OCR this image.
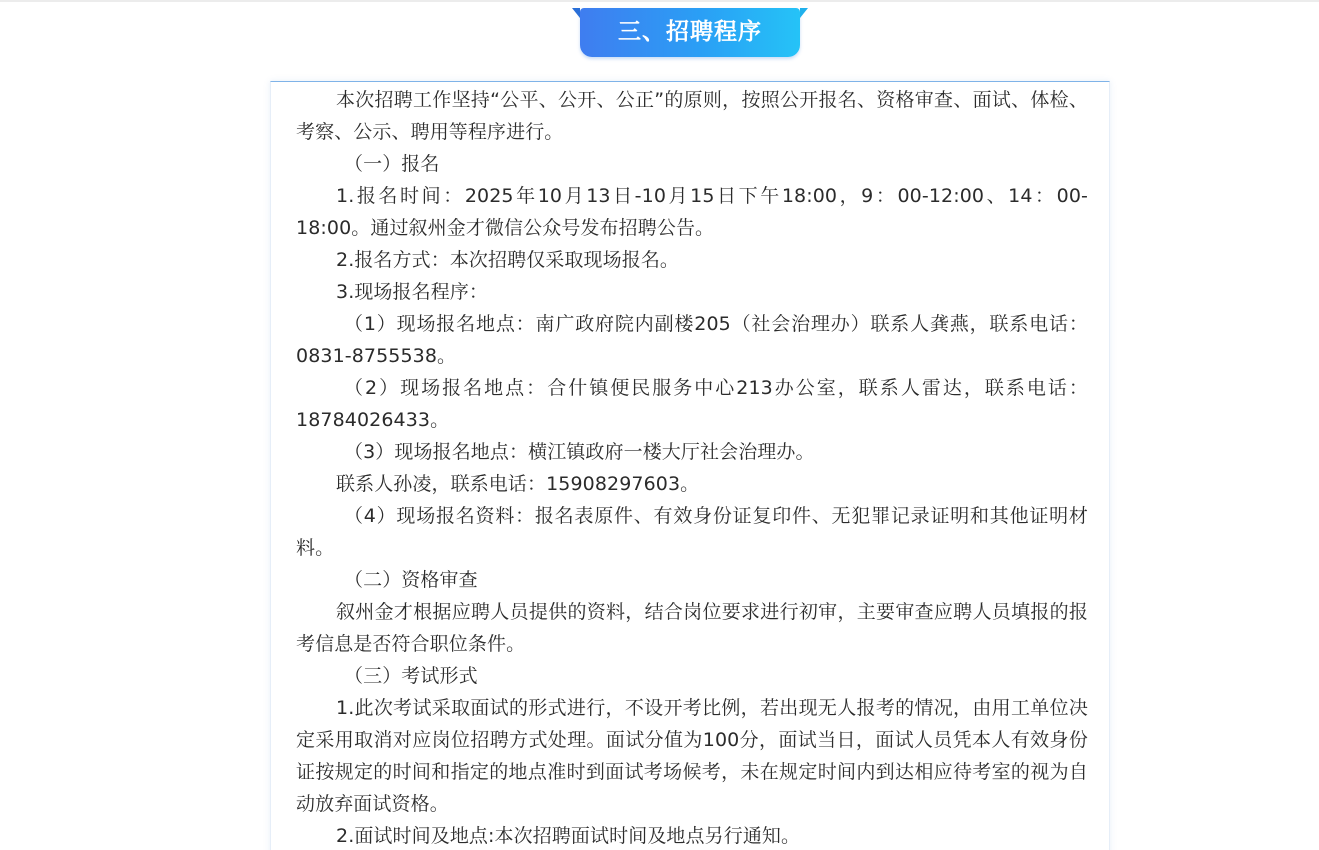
三、招聘程序

本次招聘工作坚持“公平、公开、公正”的原则，按照公开报名、资格审查、面试、体检、考察、公示、聘用等程序进行。

（一）报名

1.报名时间：2025年10月13日-10月15日下午18:00，9：00-12:00、14：00-18:00。通过叙州金才微信公众号发布招聘公告。

2.报名方式：本次招聘仅采取现场报名。

3.现场报名程序：

（1）现场报名地点：南广政府院内副楼205（社会治理办）联系人龚燕，联系电话：0831-8755538。

（2）现场报名地点：合什镇便民服务中心213办公室，联系人雷达，联系电话：18784026433。

（3）现场报名地点：横江镇政府一楼大厅社会治理办。

联系人孙凌，联系电话：15908297603。

（4）现场报名资料：报名表原件、有效身份证复印件、无犯罪记录证明和其他证明材料。

（二）资格审查

叙州金才根据应聘人员提供的资料，结合岗位要求进行初审，主要审查应聘人员填报的报考信息是否符合职位条件。

（三）考试形式

1.此次考试采取面试的形式进行，不设开考比例，若出现无人报考的情况，由用工单位决定采用取消对应岗位招聘方式处理。面试分值为100分，面试当日，面试人员凭本人有效身份证按规定的时间和指定的地点准时到面试考场候考，未在规定时间内到达相应待考室的视为自动放弃面试资格。

2.面试时间及地点:本次招聘面试时间及地点另行通知。
